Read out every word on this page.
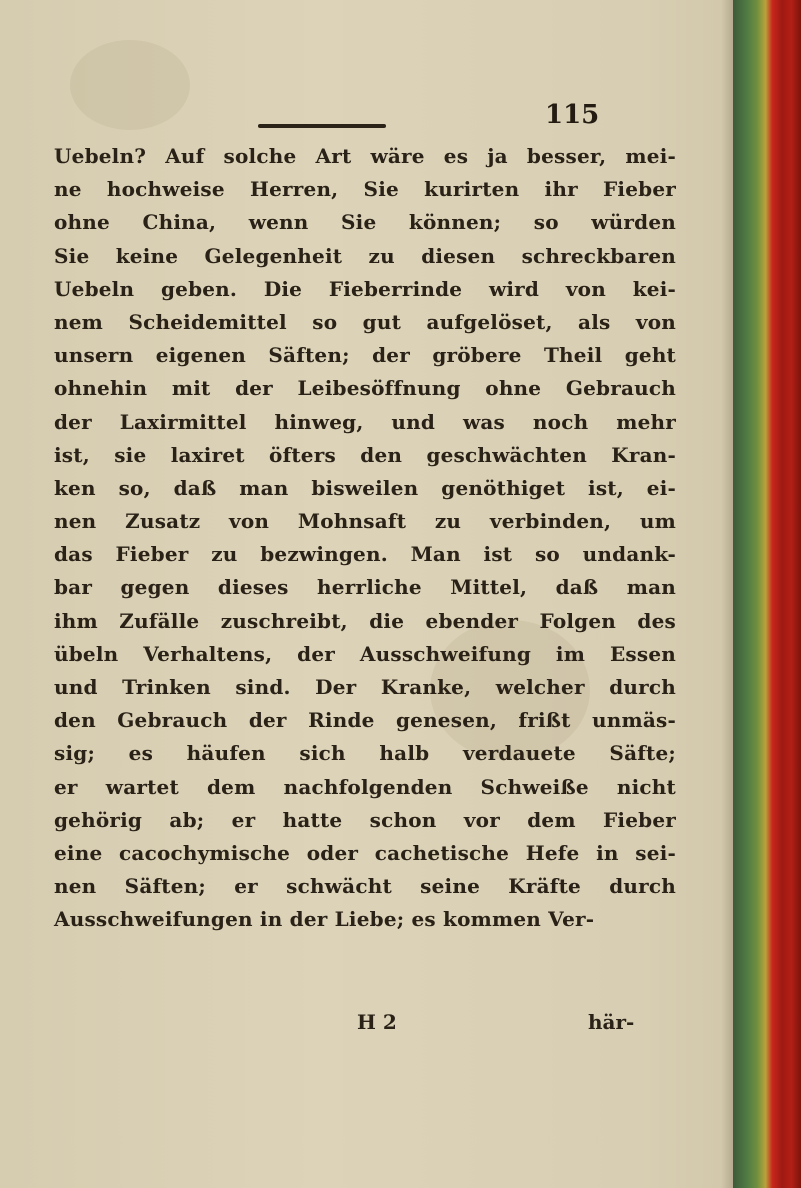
115
Uebeln? Auf solche Art wäre es ja besser, mei-
ne hochweise Herren, Sie kurirten ihr Fieber
ohne China, wenn Sie können; so würden
Sie keine Gelegenheit zu diesen schreckbaren
Uebeln geben. Die Fieberrinde wird von kei-
nem Scheidemittel so gut aufgelöset, als von
unsern eigenen Säften; der gröbere Theil geht
ohnehin mit der Leibesöffnung ohne Gebrauch
der Laxirmittel hinweg, und was noch mehr
ist, sie laxiret öfters den geschwächten Kran-
ken so, daß man bisweilen genöthiget ist, ei-
nen Zusatz von Mohnsaft zu verbinden, um
das Fieber zu bezwingen. Man ist so undank-
bar gegen dieses herrliche Mittel, daß man
ihm Zufälle zuschreibt, die ebender Folgen des
übeln Verhaltens, der Ausschweifung im Essen
und Trinken sind. Der Kranke, welcher durch
den Gebrauch der Rinde genesen, frißt unmäs-
sig; es häufen sich halb verdauete Säfte;
er wartet dem nachfolgenden Schweiße nicht
gehörig ab; er hatte schon vor dem Fieber
eine cacochymische oder cachetische Hefe in sei-
nen Säften; er schwächt seine Kräfte durch
Ausschweifungen in der Liebe; es kommen Ver-
H 2	här-
